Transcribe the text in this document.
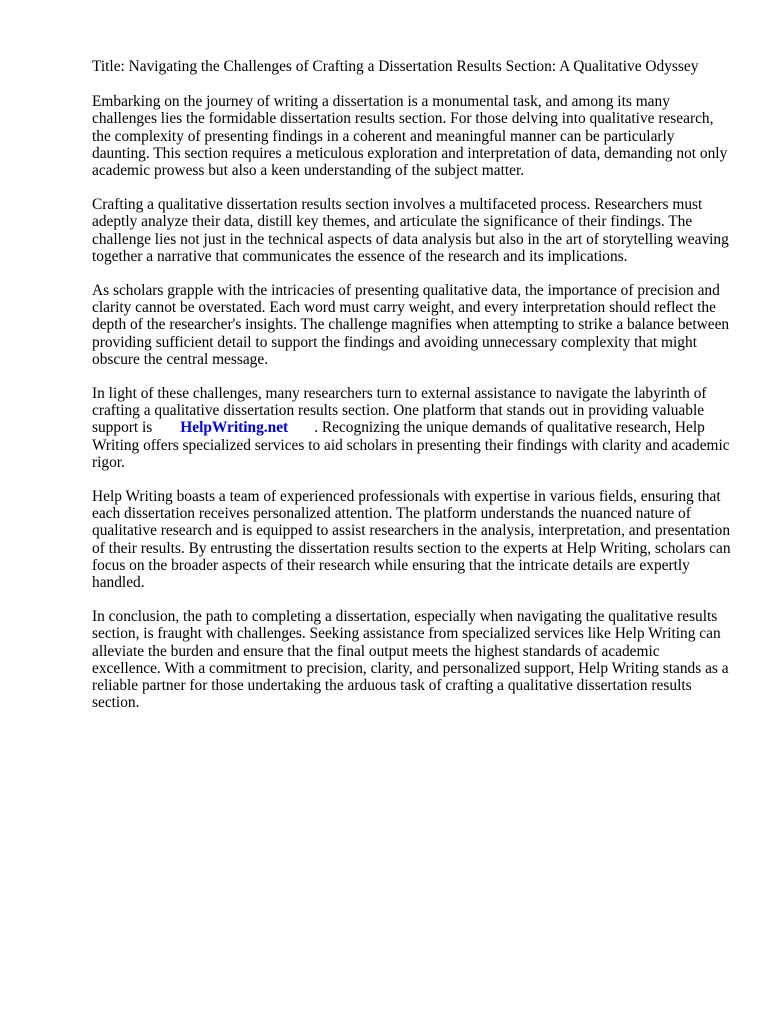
Title: Navigating the Challenges of Crafting a Dissertation Results Section: A Qualitative Odyssey

Embarking on the journey of writing a dissertation is a monumental task, and among its many challenges lies the formidable dissertation results section. For those delving into qualitative research, the complexity of presenting findings in a coherent and meaningful manner can be particularly daunting. This section requires a meticulous exploration and interpretation of data, demanding not only academic prowess but also a keen understanding of the subject matter.

Crafting a qualitative dissertation results section involves a multifaceted process. Researchers must adeptly analyze their data, distill key themes, and articulate the significance of their findings. The challenge lies not just in the technical aspects of data analysis but also in the art of storytelling weaving together a narrative that communicates the essence of the research and its implications.

As scholars grapple with the intricacies of presenting qualitative data, the importance of precision and clarity cannot be overstated. Each word must carry weight, and every interpretation should reflect the depth of the researcher's insights. The challenge magnifies when attempting to strike a balance between providing sufficient detail to support the findings and avoiding unnecessary complexity that might obscure the central message.

In light of these challenges, many researchers turn to external assistance to navigate the labyrinth of crafting a qualitative dissertation results section. One platform that stands out in providing valuable support is HelpWriting.net . Recognizing the unique demands of qualitative research, Help Writing offers specialized services to aid scholars in presenting their findings with clarity and academic rigor.

Help Writing boasts a team of experienced professionals with expertise in various fields, ensuring that each dissertation receives personalized attention. The platform understands the nuanced nature of qualitative research and is equipped to assist researchers in the analysis, interpretation, and presentation of their results. By entrusting the dissertation results section to the experts at Help Writing, scholars can focus on the broader aspects of their research while ensuring that the intricate details are expertly handled.

In conclusion, the path to completing a dissertation, especially when navigating the qualitative results section, is fraught with challenges. Seeking assistance from specialized services like Help Writing can alleviate the burden and ensure that the final output meets the highest standards of academic excellence. With a commitment to precision, clarity, and personalized support, Help Writing stands as a reliable partner for those undertaking the arduous task of crafting a qualitative dissertation results section.
